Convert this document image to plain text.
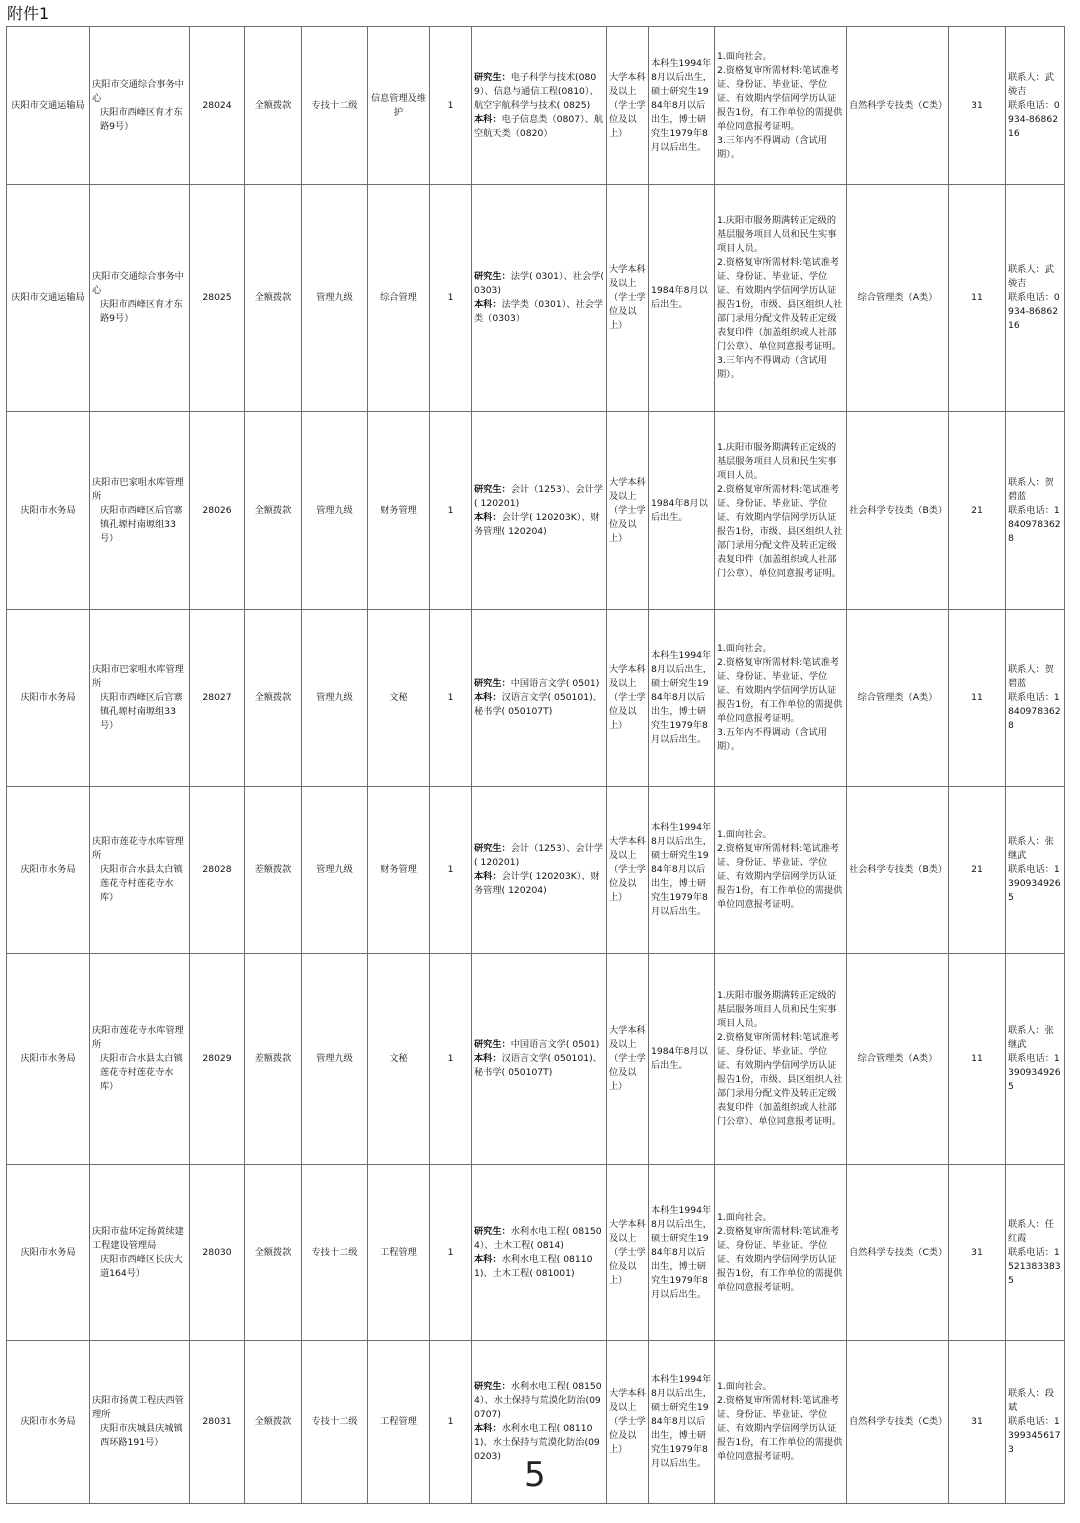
附件1
庆阳市交通运输局	庆阳市交通综合事务中心
庆阳市西峰区育才东路9号）	28024	全额拨款	专技十二级	信息管理及维护	1	研究生：电子科学与技术(0809）、信息与通信工程(0810）、航空宇航科学与技术( 0825)
本科：电子信息类（0807）、航空航天类（0820）	大学本科及以上（学士学位及以上）	本科生1994年8月以后出生，硕士研究生1984年8月以后出生，博士研究生1979年8月以后出生。	1.面向社会。
2.资格复审所需材料:笔试准考证、身份证、毕业证、学位证、有效期内学信网学历认证报告1份，有工作单位的需提供单位同意报考证明。
3.三年内不得调动（含试用期）。	自然科学专技类（C类）	31	联系人：武骏吉
联系电话：0934-8686216

庆阳市交通运输局	庆阳市交通综合事务中心
庆阳市西峰区育才东路9号）	28025	全额拨款	管理九级	综合管理	1	研究生：法学( 0301）、社会学( 0303)
本科：法学类（0301）、社会学类（0303）	大学本科及以上（学士学位及以上）	1984年8月以后出生。	1.庆阳市服务期满转正定级的基层服务项目人员和民生实事项目人员。
2.资格复审所需材料:笔试准考证、身份证、毕业证、学位证、有效期内学信网学历认证报告1份，市级、县区组织人社部门录用分配文件及转正定级表复印件（加盖组织或人社部门公章）、单位同意报考证明。
3.三年内不得调动（含试用期）。	综合管理类（A类）	11	联系人：武骏吉
联系电话：0934-8686216

庆阳市水务局	庆阳市巴家咀水库管理所
庆阳市西峰区后官寨镇孔塬村南塬组33号）	28026	全额拨款	管理九级	财务管理	1	研究生：会计（1253）、会计学( 120201)
本科：会计学( 120203K）、财务管理( 120204)	大学本科及以上（学士学位及以上）	1984年8月以后出生。	1.庆阳市服务期满转正定级的基层服务项目人员和民生实事项目人员。
2.资格复审所需材料:笔试准考证、身份证、毕业证、学位证、有效期内学信网学历认证报告1份，市级、县区组织人社部门录用分配文件及转正定级表复印件（加盖组织或人社部门公章）、单位同意报考证明。	社会科学专技类（B类）	21	联系人：贺碧蓝
联系电话：18409783628

庆阳市水务局	庆阳市巴家咀水库管理所
庆阳市西峰区后官寨镇孔塬村南塬组33号）	28027	全额拨款	管理九级	文秘	1	研究生：中国语言文学( 0501)
本科：汉语言文学( 050101)、秘书学( 050107T)	大学本科及以上（学士学位及以上）	本科生1994年8月以后出生，硕士研究生1984年8月以后出生，博士研究生1979年8月以后出生。	1.面向社会。
2.资格复审所需材料:笔试准考证、身份证、毕业证、学位证、有效期内学信网学历认证报告1份，有工作单位的需提供单位同意报考证明。
3.五年内不得调动（含试用期）。	综合管理类（A类）	11	联系人：贺碧蓝
联系电话：18409783628

庆阳市水务局	庆阳市莲花寺水库管理所
庆阳市合水县太白镇莲花寺村莲花寺水库）	28028	差额拨款	管理九级	财务管理	1	研究生：会计（1253）、会计学( 120201)
本科：会计学( 120203K）、财务管理( 120204)	大学本科及以上（学士学位及以上）	本科生1994年8月以后出生，硕士研究生1984年8月以后出生，博士研究生1979年8月以后出生。	1.面向社会。
2.资格复审所需材料:笔试准考证、身份证、毕业证、学位证、有效期内学信网学历认证报告1份，有工作单位的需提供单位同意报考证明。	社会科学专技类（B类）	21	联系人：张继武
联系电话：13909349265

庆阳市水务局	庆阳市莲花寺水库管理所
庆阳市合水县太白镇莲花寺村莲花寺水库）	28029	差额拨款	管理九级	文秘	1	研究生：中国语言文学( 0501)
本科：汉语言文学( 050101)、秘书学( 050107T)	大学本科及以上（学士学位及以上）	1984年8月以后出生。	1.庆阳市服务期满转正定级的基层服务项目人员和民生实事项目人员。
2.资格复审所需材料:笔试准考证、身份证、毕业证、学位证、有效期内学信网学历认证报告1份，市级、县区组织人社部门录用分配文件及转正定级表复印件（加盖组织或人社部门公章）、单位同意报考证明。	综合管理类（A类）	11	联系人：张继武
联系电话：13909349265

庆阳市水务局	庆阳市盐环定扬黄续建工程建设管理局
庆阳市西峰区长庆大道164号）	28030	全额拨款	专技十二级	工程管理	1	研究生：水利水电工程( 081504）、土木工程( 0814)
本科：水利水电工程( 081101)、土木工程( 081001)	大学本科及以上（学士学位及以上）	本科生1994年8月以后出生，硕士研究生1984年8月以后出生，博士研究生1979年8月以后出生。	1.面向社会。
2.资格复审所需材料:笔试准考证、身份证、毕业证、学位证、有效期内学信网学历认证报告1份，有工作单位的需提供单位同意报考证明。	自然科学专技类（C类）	31	联系人：任红霞
联系电话：15213833835

庆阳市水务局	庆阳市扬黄工程庆西管理所
庆阳市庆城县庆城镇西环路191号）	28031	全额拨款	专技十二级	工程管理	1	研究生：水利水电工程( 081504）、水土保持与荒漠化防治(090707)
本科：水利水电工程( 081101)、水土保持与荒漠化防治(090203)	大学本科及以上（学士学位及以上）	本科生1994年8月以后出生，硕士研究生1984年8月以后出生，博士研究生1979年8月以后出生。	1.面向社会。
2.资格复审所需材料:笔试准考证、身份证、毕业证、学位证、有效期内学信网学历认证报告1份，有工作单位的需提供单位同意报考证明。	自然科学专技类（C类）	31	联系人：段斌
联系电话：13993456173
5
